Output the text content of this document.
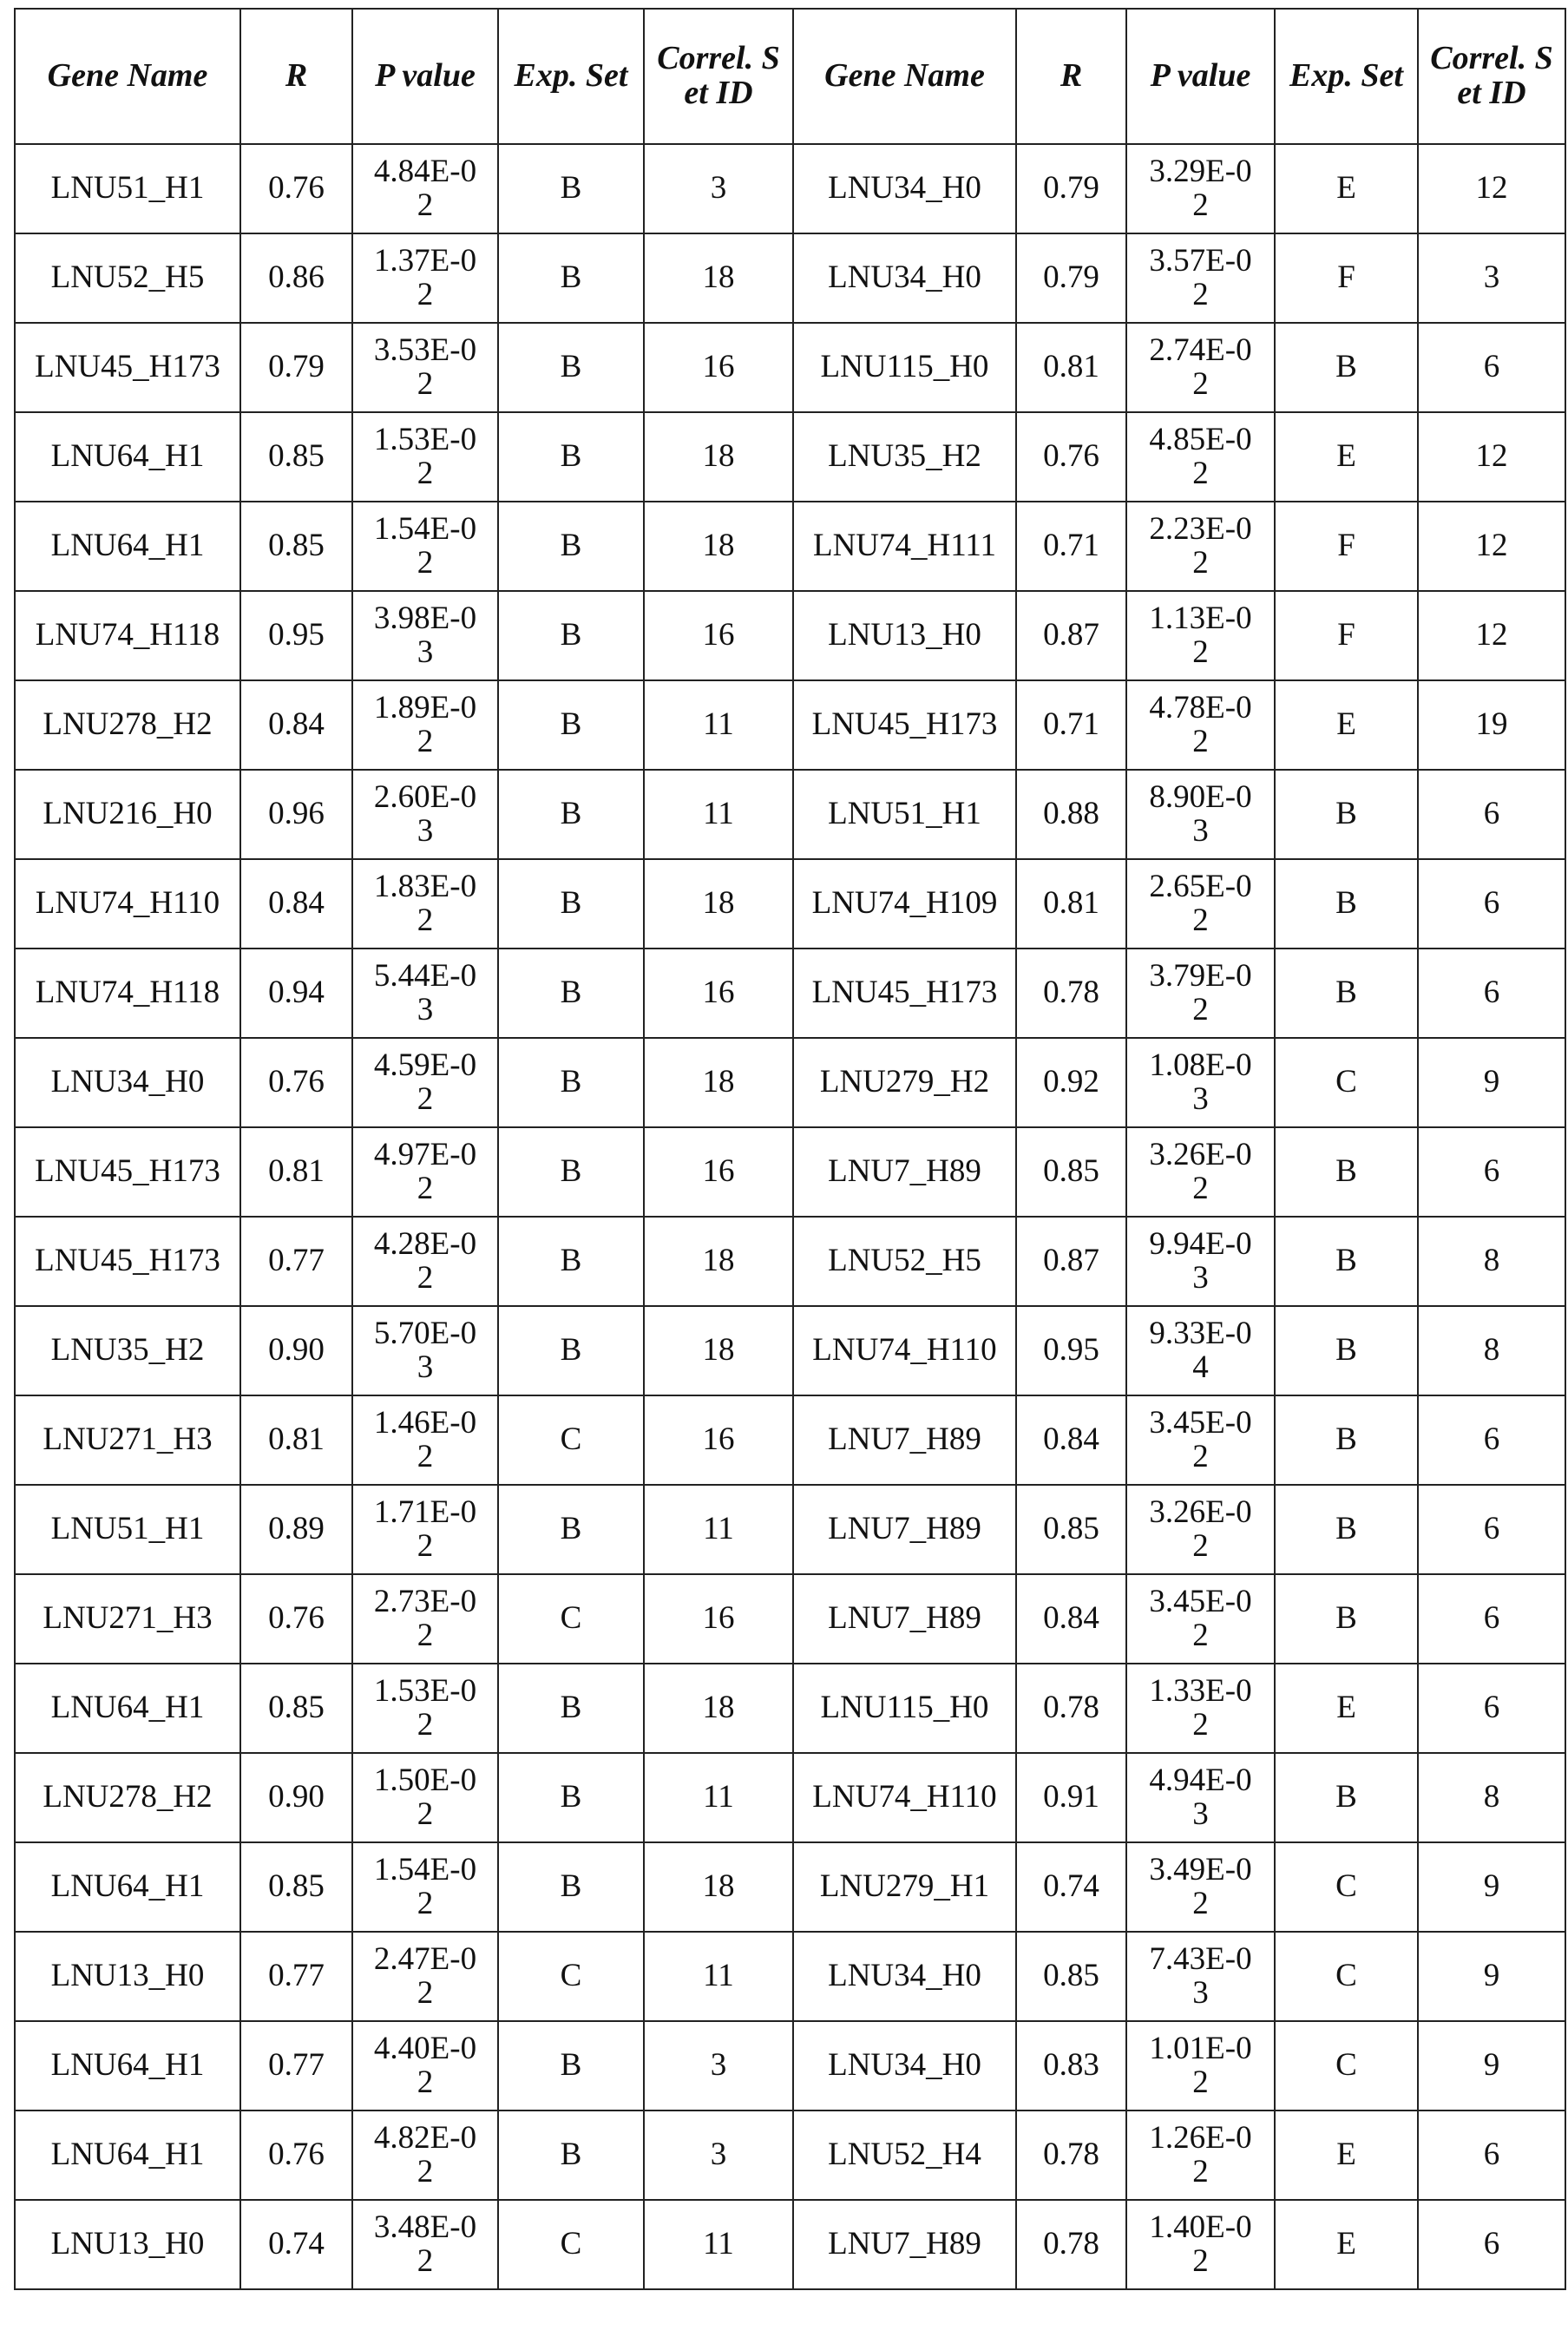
Gene Name	R	P value	Exp. Set	Correl. Set ID	Gene Name	R	P value	Exp. Set	Correl. Set ID
LNU51_H1	0.76	4.84E-02	B	3	LNU34_H0	0.79	3.29E-02	E	12
LNU52_H5	0.86	1.37E-02	B	18	LNU34_H0	0.79	3.57E-02	F	3
LNU45_H173	0.79	3.53E-02	B	16	LNU115_H0	0.81	2.74E-02	B	6
LNU64_H1	0.85	1.53E-02	B	18	LNU35_H2	0.76	4.85E-02	E	12
LNU64_H1	0.85	1.54E-02	B	18	LNU74_H111	0.71	2.23E-02	F	12
LNU74_H118	0.95	3.98E-03	B	16	LNU13_H0	0.87	1.13E-02	F	12
LNU278_H2	0.84	1.89E-02	B	11	LNU45_H173	0.71	4.78E-02	E	19
LNU216_H0	0.96	2.60E-03	B	11	LNU51_H1	0.88	8.90E-03	B	6
LNU74_H110	0.84	1.83E-02	B	18	LNU74_H109	0.81	2.65E-02	B	6
LNU74_H118	0.94	5.44E-03	B	16	LNU45_H173	0.78	3.79E-02	B	6
LNU34_H0	0.76	4.59E-02	B	18	LNU279_H2	0.92	1.08E-03	C	9
LNU45_H173	0.81	4.97E-02	B	16	LNU7_H89	0.85	3.26E-02	B	6
LNU45_H173	0.77	4.28E-02	B	18	LNU52_H5	0.87	9.94E-03	B	8
LNU35_H2	0.90	5.70E-03	B	18	LNU74_H110	0.95	9.33E-04	B	8
LNU271_H3	0.81	1.46E-02	C	16	LNU7_H89	0.84	3.45E-02	B	6
LNU51_H1	0.89	1.71E-02	B	11	LNU7_H89	0.85	3.26E-02	B	6
LNU271_H3	0.76	2.73E-02	C	16	LNU7_H89	0.84	3.45E-02	B	6
LNU64_H1	0.85	1.53E-02	B	18	LNU115_H0	0.78	1.33E-02	E	6
LNU278_H2	0.90	1.50E-02	B	11	LNU74_H110	0.91	4.94E-03	B	8
LNU64_H1	0.85	1.54E-02	B	18	LNU279_H1	0.74	3.49E-02	C	9
LNU13_H0	0.77	2.47E-02	C	11	LNU34_H0	0.85	7.43E-03	C	9
LNU64_H1	0.77	4.40E-02	B	3	LNU34_H0	0.83	1.01E-02	C	9
LNU64_H1	0.76	4.82E-02	B	3	LNU52_H4	0.78	1.26E-02	E	6
LNU13_H0	0.74	3.48E-02	C	11	LNU7_H89	0.78	1.40E-02	E	6
